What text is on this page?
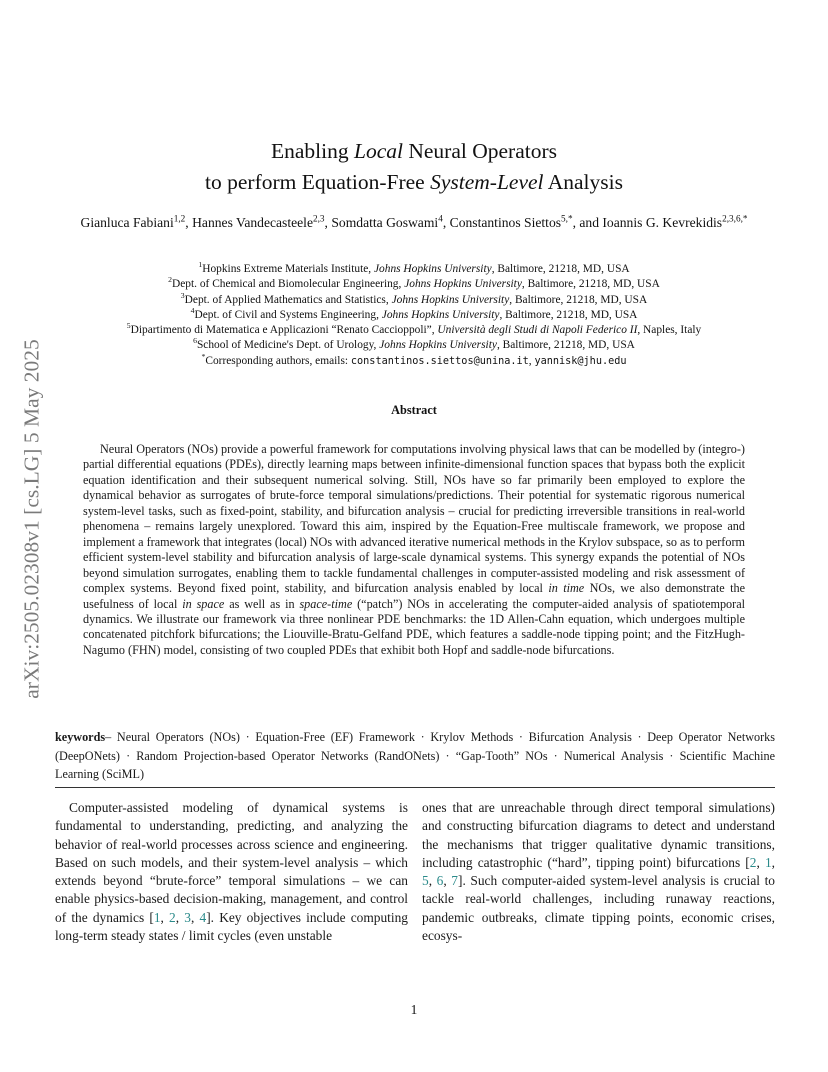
arXiv:2505.02308v1 [cs.LG] 5 May 2025
Enabling Local Neural Operators
to perform Equation-Free System-Level Analysis
Gianluca Fabiani$^{1,2}$, Hannes Vandecasteele$^{2,3}$, Somdatta Goswami$^4$, Constantinos Siettos$^{5,*}$, and Ioannis G. Kevrekidis$^{2,3,6,*}$
$^1$Hopkins Extreme Materials Institute, Johns Hopkins University, Baltimore, 21218, MD, USA
$^2$Dept. of Chemical and Biomolecular Engineering, Johns Hopkins University, Baltimore, 21218, MD, USA
$^3$Dept. of Applied Mathematics and Statistics, Johns Hopkins University, Baltimore, 21218, MD, USA
$^4$Dept. of Civil and Systems Engineering, Johns Hopkins University, Baltimore, 21218, MD, USA
$^5$Dipartimento di Matematica e Applicazioni “Renato Caccioppoli”, Università degli Studi di Napoli Federico II, Naples, Italy
$^6$School of Medicine's Dept. of Urology, Johns Hopkins University, Baltimore, 21218, MD, USA
*Corresponding authors, emails: constantinos.siettos@unina.it, yannisk@jhu.edu
Abstract
Neural Operators (NOs) provide a powerful framework for computations involving physical laws that can be modelled by (integro-) partial differential equations (PDEs), directly learning maps between infinite-dimensional function spaces that bypass both the explicit equation identification and their subsequent numerical solving. Still, NOs have so far primarily been employed to explore the dynamical behavior as surrogates of brute-force temporal simulations/predictions. Their potential for systematic rigorous numerical system-level tasks, such as fixed-point, stability, and bifurcation analysis – crucial for predicting irreversible transitions in real-world phenomena – remains largely unexplored. Toward this aim, inspired by the Equation-Free multiscale framework, we propose and implement a framework that integrates (local) NOs with advanced iterative numerical methods in the Krylov subspace, so as to perform efficient system-level stability and bifurcation analysis of large-scale dynamical systems. This synergy expands the potential of NOs beyond simulation surrogates, enabling them to tackle fundamental challenges in computer-assisted modeling and risk assessment of complex systems. Beyond fixed point, stability, and bifurcation analysis enabled by local in time NOs, we also demonstrate the usefulness of local in space as well as in space-time (“patch”) NOs in accelerating the computer-aided analysis of spatiotemporal dynamics. We illustrate our framework via three nonlinear PDE benchmarks: the 1D Allen-Cahn equation, which undergoes multiple concatenated pitchfork bifurcations; the Liouville-Bratu-Gelfand PDE, which features a saddle-node tipping point; and the FitzHugh-Nagumo (FHN) model, consisting of two coupled PDEs that exhibit both Hopf and saddle-node bifurcations.
keywords– Neural Operators (NOs) · Equation-Free (EF) Framework · Krylov Methods · Bifurcation Analysis · Deep Operator Networks (DeepONets) · Random Projection-based Operator Networks (RandONets) · “Gap-Tooth” NOs · Numerical Analysis · Scientific Machine Learning (SciML)
Computer-assisted modeling of dynamical systems is fundamental to understanding, predicting, and analyzing the behavior of real-world processes across science and engineering. Based on such models, and their system-level analysis – which extends beyond “brute-force” temporal simulations – we can enable physics-based decision-making, management, and control of the dynamics [1, 2, 3, 4]. Key objectives include computing long-term steady states / limit cycles (even unstable
ones that are unreachable through direct temporal simulations) and constructing bifurcation diagrams to detect and understand the mechanisms that trigger qualitative dynamic transitions, including catastrophic (“hard”, tipping point) bifurcations [2, 1, 5, 6, 7]. Such computer-aided system-level analysis is crucial to tackle real-world challenges, including runaway reactions, pandemic outbreaks, climate tipping points, economic crises, ecosys-
1
